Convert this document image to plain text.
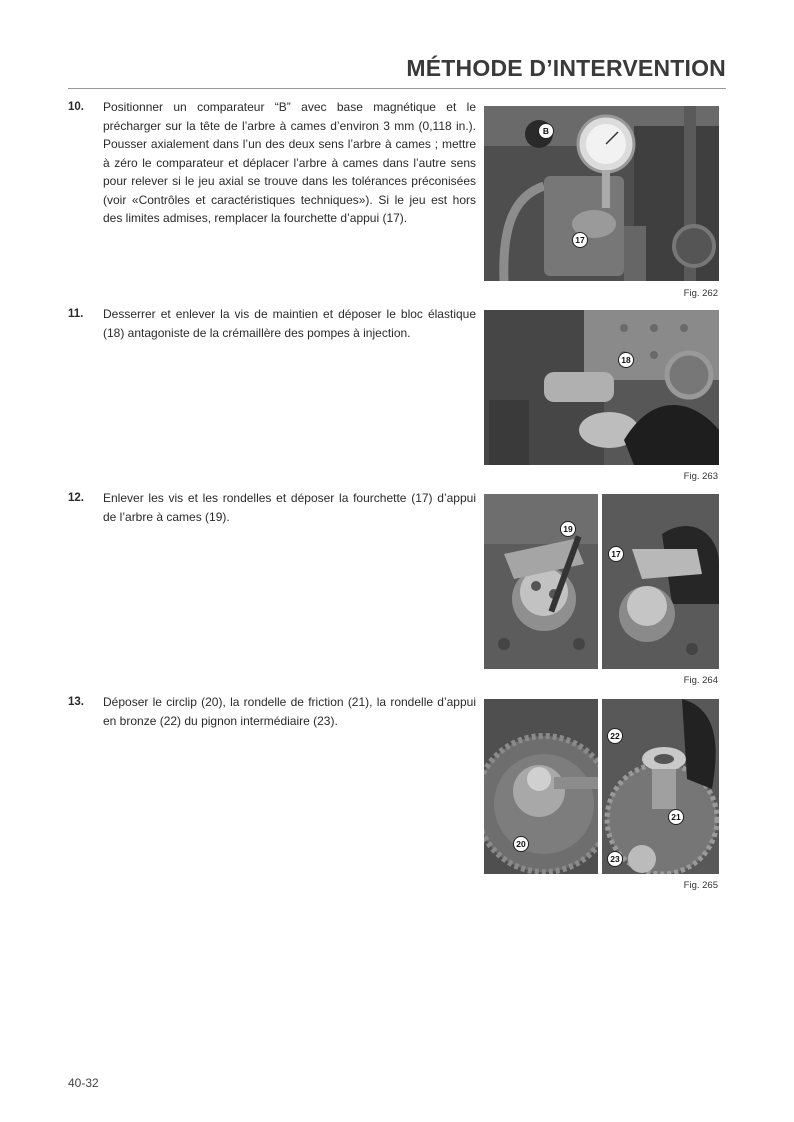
MÉTHODE D’INTERVENTION
10. Positionner un comparateur “B” avec base magnétique et le précharger sur la tête de l’arbre à cames d’environ 3 mm (0,118 in.). Pousser axialement dans l’un des deux sens l’arbre à cames ; mettre à zéro le comparateur et déplacer l’arbre à cames dans l’autre sens pour relever si le jeu axial se trouve dans les tolérances préconisées (voir «Contrôles et caractéristiques techniques»). Si le jeu est hors des limites admises, remplacer la fourchette d’appui (17).

B
17
Fig. 262
11. Desserrer et enlever la vis de maintien et déposer le bloc élastique (18) antagoniste de la crémaillère des pompes à injection.

18
Fig. 263
12. Enlever les vis et les rondelles et déposer la fourchette (17) d’appui de l’arbre à cames (19).

19
17
Fig. 264
13. Déposer le circlip (20), la rondelle de friction (21), la rondelle d’appui en bronze (22) du pignon intermédiaire (23).

20
22
21
23
Fig. 265
40-32
